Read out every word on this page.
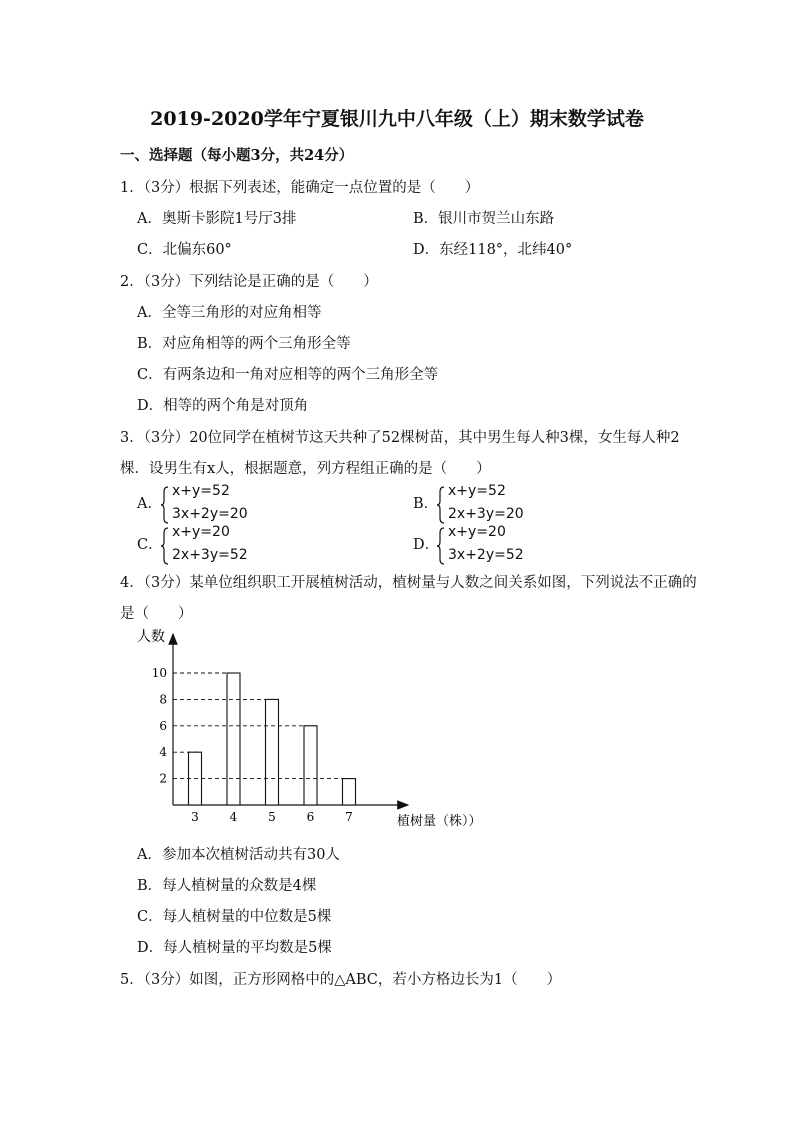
2019-2020学年宁夏银川九中八年级（上）期末数学试卷
一、选择题（每小题3分，共24分）
1．（3分）根据下列表述，能确定一点位置的是（　　）
A．奥斯卡影院1号厅3排	B．银川市贺兰山东路
C．北偏东60°	D．东经118°，北纬40°
2．（3分）下列结论是正确的是（　　）
A．全等三角形的对应角相等
B．对应角相等的两个三角形全等
C．有两条边和一角对应相等的两个三角形全等
D．相等的两个角是对顶角
3．（3分）20位同学在植树节这天共种了52棵树苗，其中男生每人种3棵，女生每人种2
棵．设男生有x人，根据题意，列方程组正确的是（　　）
A．
x+y=52
3x+2y=20
B．
x+y=52
2x+3y=20
C．
x+y=20
2x+3y=52
D．
x+y=20
3x+2y=52
4．（3分）某单位组织职工开展植树活动，植树量与人数之间关系如图，下列说法不正确的
是（　　）
人数
植树量（株））
2
4
6
8
10
3	4	5	6	7
A．参加本次植树活动共有30人
B．每人植树量的众数是4棵
C．每人植树量的中位数是5棵
D．每人植树量的平均数是5棵
5．（3分）如图，正方形网格中的△ABC，若小方格边长为1（　　）
